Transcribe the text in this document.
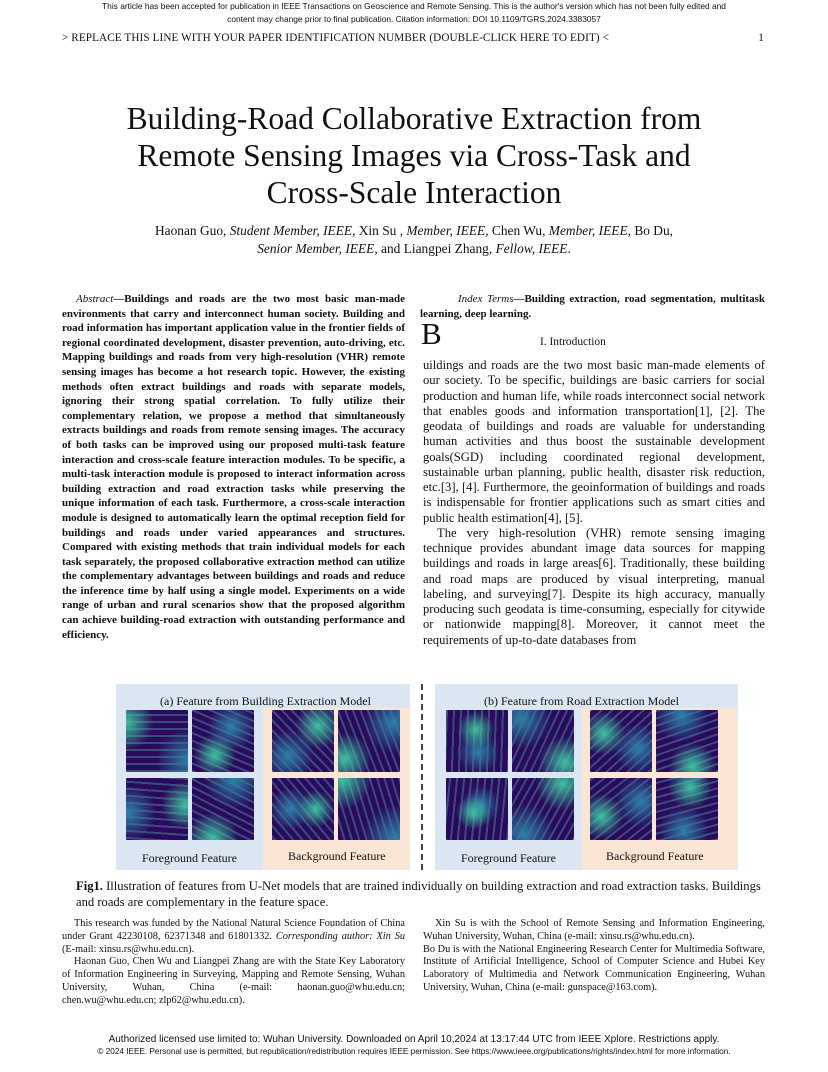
This article has been accepted for publication in IEEE Transactions on Geoscience and Remote Sensing. This is the author's version which has not been fully edited and
content may change prior to final publication. Citation information: DOI 10.1109/TGRS.2024.3383057
> REPLACE THIS LINE WITH YOUR PAPER IDENTIFICATION NUMBER (DOUBLE-CLICK HERE TO EDIT) <	1
Building-Road Collaborative Extraction from
Remote Sensing Images via Cross-Task and
Cross-Scale Interaction
Haonan Guo, Student Member, IEEE, Xin Su , Member, IEEE, Chen Wu, Member, IEEE, Bo Du,
Senior Member, IEEE, and Liangpei Zhang, Fellow, IEEE.
Abstract—Buildings and roads are the two most basic man-made environments that carry and interconnect human society. Building and road information has important application value in the frontier fields of regional coordinated development, disaster prevention, auto-driving, etc. Mapping buildings and roads from very high-resolution (VHR) remote sensing images has become a hot research topic. However, the existing methods often extract buildings and roads with separate models, ignoring their strong spatial correlation. To fully utilize their complementary relation, we propose a method that simultaneously extracts buildings and roads from remote sensing images. The accuracy of both tasks can be improved using our proposed multi-task feature interaction and cross-scale feature interaction modules. To be specific, a multi-task interaction module is proposed to interact information across building extraction and road extraction tasks while preserving the unique information of each task. Furthermore, a cross-scale interaction module is designed to automatically learn the optimal reception field for buildings and roads under varied appearances and structures. Compared with existing methods that train individual models for each task separately, the proposed collaborative extraction method can utilize the complementary advantages between buildings and roads and reduce the inference time by half using a single model. Experiments on a wide range of urban and rural scenarios show that the proposed algorithm can achieve building-road extraction with outstanding performance and efficiency.
Index Terms—Building extraction, road segmentation, multitask learning, deep learning.
B	I. Introduction

uildings and roads are the two most basic man-made elements of our society. To be specific, buildings are basic carriers for social production and human life, while roads interconnect social network that enables goods and information transportation[1], [2]. The geodata of buildings and roads are valuable for understanding human activities and thus boost the sustainable development goals(SGD) including coordinated regional development, sustainable urban planning, public health, disaster risk reduction, etc.[3], [4]. Furthermore, the geoinformation of buildings and roads is indispensable for frontier applications such as smart cities and public health estimation[4], [5].

The very high-resolution (VHR) remote sensing imaging technique provides abundant image data sources for mapping buildings and roads in large areas[6]. Traditionally, these building and road maps are produced by visual interpreting, manual labeling, and surveying[7]. Despite its high accuracy, manually producing such geodata is time-consuming, especially for citywide or nationwide mapping[8]. Moreover, it cannot meet the requirements of up-to-date databases from

(a) Feature from Building Extraction Model	(b) Feature from Road Extraction Model
Foreground Feature	Background Feature	Foreground Feature	Background Feature
Fig1. Illustration of features from U-Net models that are trained individually on building extraction and road extraction tasks. Buildings and roads are complementary in the feature space.

This research was funded by the National Natural Science Foundation of China under Grant 42230108, 62371348 and 61801332. Corresponding author: Xin Su (E-mail: xinsu.rs@whu.edu.cn).

Haonan Guo, Chen Wu and Liangpei Zhang are with the State Key Laboratory of Information Engineering in Surveying, Mapping and Remote Sensing, Wuhan University, Wuhan, China (e-mail: haonan.guo@whu.edu.cn; chen.wu@whu.edu.cn; zlp62@whu.edu.cn).

Xin Su is with the School of Remote Sensing and Information Engineering, Wuhan University, Wuhan, China (e-mail: xinsu.rs@whu.edu.cn).

Bo Du is with the National Engineering Research Center for Multimedia Software, Institute of Artificial Intelligence, School of Computer Science and Hubei Key Laboratory of Multimedia and Network Communication Engineering, Wuhan University, Wuhan, China (e-mail: gunspace@163.com).

Authorized licensed use limited to: Wuhan University. Downloaded on April 10,2024 at 13:17:44 UTC from IEEE Xplore. Restrictions apply.
© 2024 IEEE. Personal use is permitted, but republication/redistribution requires IEEE permission. See https://www.ieee.org/publications/rights/index.html for more information.
